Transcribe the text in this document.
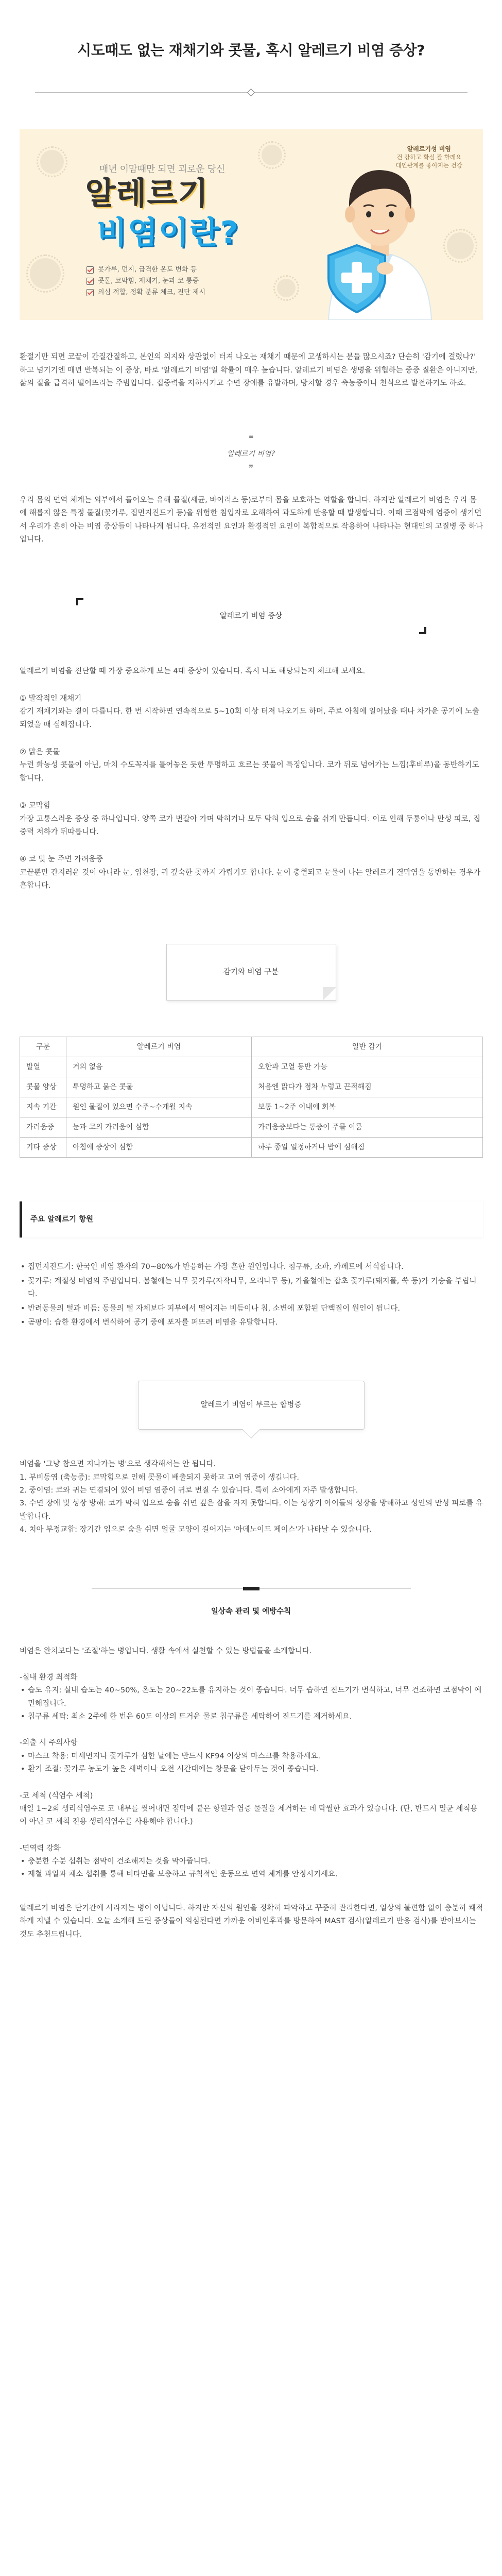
시도때도 없는 재채기와 콧물, 혹시 알레르기 비염 증상?
매년 이맘때만 되면 괴로운 당신
알레르기
비염이란?
콧가루, 먼지, 급격한 온도 변화 등
콧물, 코막힘, 재채기, 눈과 코 통증
의심 적합, 정확 분류 체크, 진단 제시
알레르기성 비염
건 강하고 확실 잘 할래요
대인관계를 좋아지는 건강

환절기만 되면 코끝이 간질간질하고, 본인의 의지와 상관없이 터져 나오는 재채기 때문에 고생하시는 분들 많으시죠? 단순히 '감기에 걸렸나?' 하고 넘기기엔 매년 반복되는 이 증상, 바로 '알레르기 비염'일 확률이 매우 높습니다. 알레르기 비염은 생명을 위협하는 중증 질환은 아니지만, 삶의 질을 급격히 떨어뜨리는 주범입니다. 집중력을 저하시키고 수면 장애를 유발하며, 방치할 경우 축농증이나 천식으로 발전하기도 하죠.

❝
알레르기 비염?
❞

우리 몸의 면역 체계는 외부에서 들어오는 유해 물질(세균, 바이러스 등)로부터 몸을 보호하는 역할을 합니다. 하지만 알레르기 비염은 우리 몸에 해롭지 않은 특정 물질(꽃가루, 집먼지진드기 등)을 위험한 침입자로 오해하여 과도하게 반응할 때 발생합니다. 이때 코점막에 염증이 생기면서 우리가 흔히 아는 비염 증상들이 나타나게 됩니다. 유전적인 요인과 환경적인 요인이 복합적으로 작용하여 나타나는 현대인의 고질병 중 하나입니다.

알레르기 비염 증상

알레르기 비염을 진단할 때 가장 중요하게 보는 4대 증상이 있습니다. 혹시 나도 해당되는지 체크해 보세요.

① 발작적인 재채기
감기 재채기와는 결이 다릅니다. 한 번 시작하면 연속적으로 5~10회 이상 터져 나오기도 하며, 주로 아침에 일어났을 때나 차가운 공기에 노출되었을 때 심해집니다.
② 맑은 콧물
누런 화농성 콧물이 아닌, 마치 수도꼭지를 틀어놓은 듯한 투명하고 흐르는 콧물이 특징입니다. 코가 뒤로 넘어가는 느낌(후비루)을 동반하기도 합니다.
③ 코막힘
가장 고통스러운 증상 중 하나입니다. 양쪽 코가 번갈아 가며 막히거나 모두 막혀 입으로 숨을 쉬게 만듭니다. 이로 인해 두통이나 만성 피로, 집중력 저하가 뒤따릅니다.
④ 코 및 눈 주변 가려움증
코끝뿐만 간지러운 것이 아니라 눈, 입천장, 귀 깊숙한 곳까지 가렵기도 합니다. 눈이 충혈되고 눈물이 나는 알레르기 결막염을 동반하는 경우가 흔합니다.
감기와 비염 구분
구분	알레르기 비염	일반 감기
발열	거의 없음	오한과 고열 동반 가능
콧물 양상	투명하고 묽은 콧물	처음엔 맑다가 점차 누렇고 끈적해짐
지속 기간	원인 물질이 있으면 수주~수개월 지속	보통 1~2주 이내에 회복
가려움증	눈과 코의 가려움이 심함	가려움증보다는 통증이 주를 이룸
기타 증상	아침에 증상이 심함	하루 종일 일정하거나 밤에 심해짐
주요 알레르기 항원
• 집먼지진드기: 한국인 비염 환자의 70~80%가 반응하는 가장 흔한 원인입니다. 침구류, 소파, 카페트에 서식합니다.
• 꽃가루: 계절성 비염의 주범입니다. 봄철에는 나무 꽃가루(자작나무, 오리나무 등), 가을철에는 잡초 꽃가루(돼지풀, 쑥 등)가 기승을 부립니다.
• 반려동물의 털과 비듬: 동물의 털 자체보다 피부에서 떨어지는 비듬이나 침, 소변에 포함된 단백질이 원인이 됩니다.
• 곰팡이: 습한 환경에서 번식하여 공기 중에 포자를 퍼뜨려 비염을 유발합니다.
알레르기 비염이 부르는 합병증
비염을 '그냥 참으면 지나가는 병'으로 생각해서는 안 됩니다.
1. 부비동염 (축농증): 코막힘으로 인해 콧물이 배출되지 못하고 고여 염증이 생깁니다.
2. 중이염: 코와 귀는 연결되어 있어 비염 염증이 귀로 번질 수 있습니다. 특히 소아에게 자주 발생합니다.
3. 수면 장애 및 성장 방해: 코가 막혀 입으로 숨을 쉬면 깊은 잠을 자지 못합니다. 이는 성장기 아이들의 성장을 방해하고 성인의 만성 피로를 유발합니다.
4. 치아 부정교합: 장기간 입으로 숨을 쉬면 얼굴 모양이 길어지는 '아데노이드 페이스'가 나타날 수 있습니다.
일상속 관리 및 예방수칙

비염은 완치보다는 '조절'하는 병입니다. 생활 속에서 실천할 수 있는 방법들을 소개합니다.

-실내 환경 최적화
• 습도 유지: 실내 습도는 40~50%, 온도는 20~22도를 유지하는 것이 좋습니다. 너무 습하면 진드기가 번식하고, 너무 건조하면 코점막이 예민해집니다.
• 침구류 세탁: 최소 2주에 한 번은 60도 이상의 뜨거운 물로 침구류를 세탁하여 진드기를 제거하세요.
-외출 시 주의사항
• 마스크 착용: 미세먼지나 꽃가루가 심한 날에는 반드시 KF94 이상의 마스크를 착용하세요.
• 환기 조절: 꽃가루 농도가 높은 새벽이나 오전 시간대에는 창문을 닫아두는 것이 좋습니다.
-코 세척 (식염수 세척)
매일 1~2회 생리식염수로 코 내부를 씻어내면 점막에 붙은 항원과 염증 물질을 제거하는 데 탁월한 효과가 있습니다. (단, 반드시 멸균 세척용이 아닌 코 세척 전용 생리식염수를 사용해야 합니다.)
-면역력 강화
• 충분한 수분 섭취는 점막이 건조해지는 것을 막아줍니다.
• 제철 과일과 채소 섭취를 통해 비타민을 보충하고 규칙적인 운동으로 면역 체계를 안정시키세요.

알레르기 비염은 단기간에 사라지는 병이 아닙니다. 하지만 자신의 원인을 정확히 파악하고 꾸준히 관리한다면, 일상의 불편함 없이 충분히 쾌적하게 지낼 수 있습니다. 오늘 소개해 드린 증상들이 의심된다면 가까운 이비인후과를 방문하여 MAST 검사(알레르기 반응 검사)를 받아보시는 것도 추천드립니다.
